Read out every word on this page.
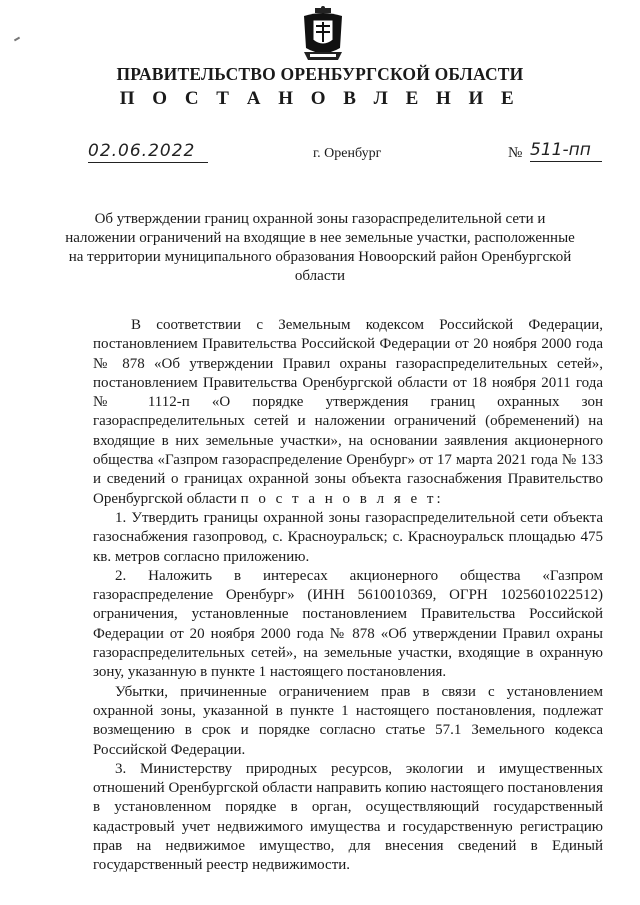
ПРАВИТЕЛЬСТВО ОРЕНБУРГСКОЙ ОБЛАСТИ
П О С Т А Н О В Л Е Н И Е
02.06.2022	г. Оренбург	№ 511-пп
Об утверждении границ охранной зоны газораспределительной сети и наложении ограничений на входящие в нее земельные участки, расположенные на территории муниципального образования Новоорский район Оренбургской области

В соответствии с Земельным кодексом Российской Федерации, постановлением Правительства Российской Федерации от 20 ноября 2000 года № 878 «Об утверждении Правил охраны газораспределительных сетей», постановлением Правительства Оренбургской области от 18 ноября 2011 года № 1112-п «О порядке утверждения границ охранных зон газораспределительных сетей и наложении ограничений (обременений) на входящие в них земельные участки», на основании заявления акционерного общества «Газпром газораспределение Оренбург» от 17 марта 2021 года № 133 и сведений о границах охранной зоны объекта газоснабжения Правительство Оренбургской области п о с т а н о в л я е т:

1. Утвердить границы охранной зоны газораспределительной сети объекта газоснабжения газопровод, с. Красноуральск; с. Красноуральск площадью 475 кв. метров согласно приложению.

2. Наложить в интересах акционерного общества «Газпром газораспределение Оренбург» (ИНН 5610010369, ОГРН 1025601022512) ограничения, установленные постановлением Правительства Российской Федерации от 20 ноября 2000 года № 878 «Об утверждении Правил охраны газораспределительных сетей», на земельные участки, входящие в охранную зону, указанную в пункте 1 настоящего постановления.

Убытки, причиненные ограничением прав в связи с установлением охранной зоны, указанной в пункте 1 настоящего постановления, подлежат возмещению в срок и порядке согласно статье 57.1 Земельного кодекса Российской Федерации.

3. Министерству природных ресурсов, экологии и имущественных отношений Оренбургской области направить копию настоящего постановления в установленном порядке в орган, осуществляющий государственный кадастровый учет недвижимого имущества и государственную регистрацию прав на недвижимое имущество, для внесения сведений в Единый государственный реестр недвижимости.
